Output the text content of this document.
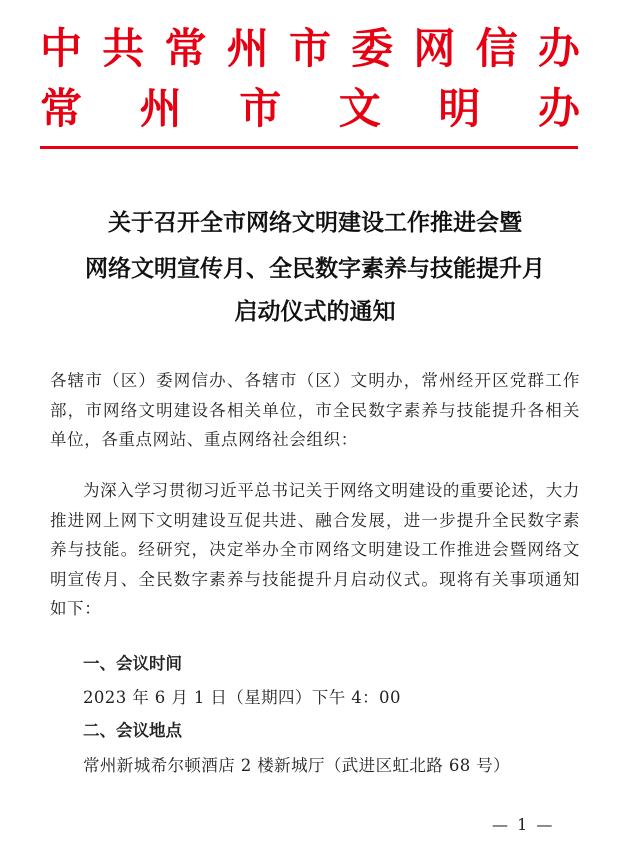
中 共 常 州 市 委 网 信 办
常 州 市 文 明 办
关于召开全市网络文明建设工作推进会暨
网络文明宣传月、全民数字素养与技能提升月
启动仪式的通知
各辖市（区）委网信办、各辖市（区）文明办，常州经开区党群工作部，市网络文明建设各相关单位，市全民数字素养与技能提升各相关单位，各重点网站、重点网络社会组织：
为深入学习贯彻习近平总书记关于网络文明建设的重要论述，大力推进网上网下文明建设互促共进、融合发展，进一步提升全民数字素养与技能。经研究，决定举办全市网络文明建设工作推进会暨网络文明宣传月、全民数字素养与技能提升月启动仪式。现将有关事项通知如下：
一、会议时间
2023 年 6 月 1 日（星期四）下午 4：00
二、会议地点
常州新城希尔顿酒店 2 楼新城厅（武进区虹北路 68 号）
— 1 —
